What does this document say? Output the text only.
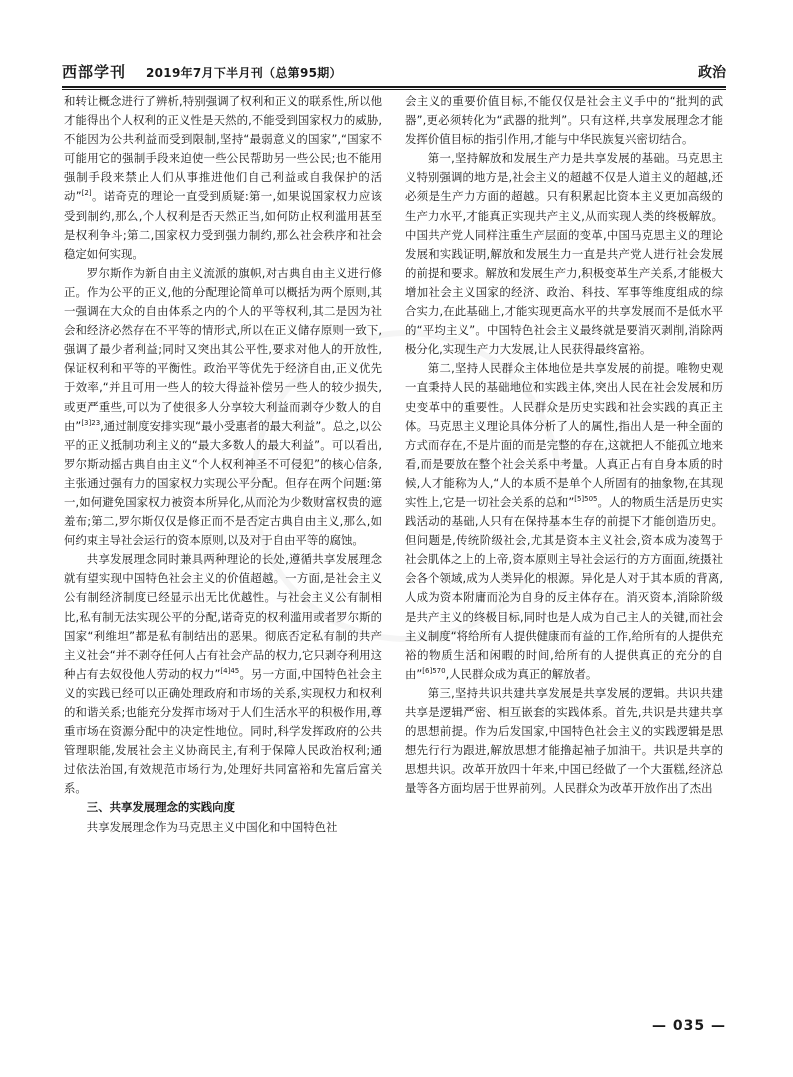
西部学刊 2019年7月下半月刊（总第95期）	政治

和转让概念进行了辨析,特别强调了权利和正义的联系性,所以他才能得出个人权利的正义性是天然的,不能受到国家权力的威胁,不能因为公共利益而受到限制,坚持“最弱意义的国家”,“国家不可能用它的强制手段来迫使一些公民帮助另一些公民;也不能用强制手段来禁止人们从事推进他们自己利益或自我保护的活动”[2]。诺奇克的理论一直受到质疑:第一,如果说国家权力应该受到制约,那么,个人权利是否天然正当,如何防止权利滥用甚至是权利争斗;第二,国家权力受到强力制约,那么社会秩序和社会稳定如何实现。

罗尔斯作为新自由主义流派的旗帜,对古典自由主义进行修正。作为公平的正义,他的分配理论简单可以概括为两个原则,其一强调在大众的自由体系之内的个人的平等权利,其二是因为社会和经济必然存在不平等的情形式,所以在正义储存原则一致下,强调了最少者利益;同时又突出其公平性,要求对他人的开放性,保证权利和平等的平衡性。政治平等优先于经济自由,正义优先于效率,“并且可用一些人的较大得益补偿另一些人的较少损失,或更严重些,可以为了使很多人分享较大利益而剥夺少数人的自由”$^{[3]23}$,通过制度安排实现“最小受惠者的最大利益”。总之,以公平的正义抵制功利主义的“最大多数人的最大利益”。可以看出,罗尔斯动摇古典自由主义“个人权利神圣不可侵犯”的核心信条,主张通过强有力的国家权力实现公平分配。但存在两个问题:第一,如何避免国家权力被资本所异化,从而沦为少数财富权贵的遮羞布;第二,罗尔斯仅仅是修正而不是否定古典自由主义,那么,如何约束主导社会运行的资本原则,以及对于自由平等的腐蚀。

共享发展理念同时兼具两种理论的长处,遵循共享发展理念就有望实现中国特色社会主义的价值超越。一方面,是社会主义公有制经济制度已经显示出无比优越性。与社会主义公有制相比,私有制无法实现公平的分配,诺奇克的权利滥用或者罗尔斯的国家“利维坦”都是私有制结出的恶果。彻底否定私有制的共产主义社会“并不剥夺任何人占有社会产品的权力,它只剥夺利用这种占有去奴役他人劳动的权力”$^{[4]45}$。另一方面,中国特色社会主义的实践已经可以正确处理政府和市场的关系,实现权力和权利的和谐关系;也能充分发挥市场对于人们生活水平的积极作用,尊重市场在资源分配中的决定性地位。同时,科学发挥政府的公共管理职能,发展社会主义协商民主,有利于保障人民政治权利;通过依法治国,有效规范市场行为,处理好共同富裕和先富后富关系。

三、共享发展理念的实践向度

共享发展理念作为马克思主义中国化和中国特色社

会主义的重要价值目标,不能仅仅是社会主义手中的“批判的武器”,更必须转化为“武器的批判”。只有这样,共享发展理念才能发挥价值目标的指引作用,才能与中华民族复兴密切结合。

第一,坚持解放和发展生产力是共享发展的基础。马克思主义特别强调的地方是,社会主义的超越不仅是人道主义的超越,还必须是生产力方面的超越。只有积累起比资本主义更加高级的生产力水平,才能真正实现共产主义,从而实现人类的终极解放。中国共产党人同样注重生产层面的变革,中国马克思主义的理论发展和实践证明,解放和发展生力一直是共产党人进行社会发展的前提和要求。解放和发展生产力,积极变革生产关系,才能极大增加社会主义国家的经济、政治、科技、军事等维度组成的综合实力,在此基础上,才能实现更高水平的共享发展而不是低水平的“平均主义”。中国特色社会主义最终就是要消灭剥削,消除两极分化,实现生产力大发展,让人民获得最终富裕。

第二,坚持人民群众主体地位是共享发展的前提。唯物史观一直秉持人民的基础地位和实践主体,突出人民在社会发展和历史变革中的重要性。人民群众是历史实践和社会实践的真正主体。马克思主义理论具体分析了人的属性,指出人是一种全面的方式而存在,不是片面的而是完整的存在,这就把人不能孤立地来看,而是要放在整个社会关系中考量。人真正占有自身本质的时候,人才能称为人,“人的本质不是单个人所固有的抽象物,在其现实性上,它是一切社会关系的总和”$^{[5]505}$。人的物质生活是历史实践活动的基础,人只有在保持基本生存的前提下才能创造历史。但问题是,传统阶级社会,尤其是资本主义社会,资本成为凌驾于社会肌体之上的上帝,资本原则主导社会运行的方方面面,统摄社会各个领域,成为人类异化的根源。异化是人对于其本质的背离,人成为资本附庸而沦为自身的反主体存在。消灭资本,消除阶级是共产主义的终极目标,同时也是人成为自己主人的关键,而社会主义制度“将给所有人提供健康而有益的工作,给所有的人提供充裕的物质生活和闲暇的时间,给所有的人提供真正的充分的自由”$^{[6]570}$,人民群众成为真正的解放者。

第三,坚持共识共建共享发展是共享发展的逻辑。共识共建共享是逻辑严密、相互嵌套的实践体系。首先,共识是共建共享的思想前提。作为后发国家,中国特色社会主义的实践逻辑是思想先行行为跟进,解放思想才能撸起袖子加油干。共识是共享的思想共识。改革开放四十年来,中国已经做了一个大蛋糕,经济总量等各方面均居于世界前列。人民群众为改革开放作出了杰出

— 035 —
